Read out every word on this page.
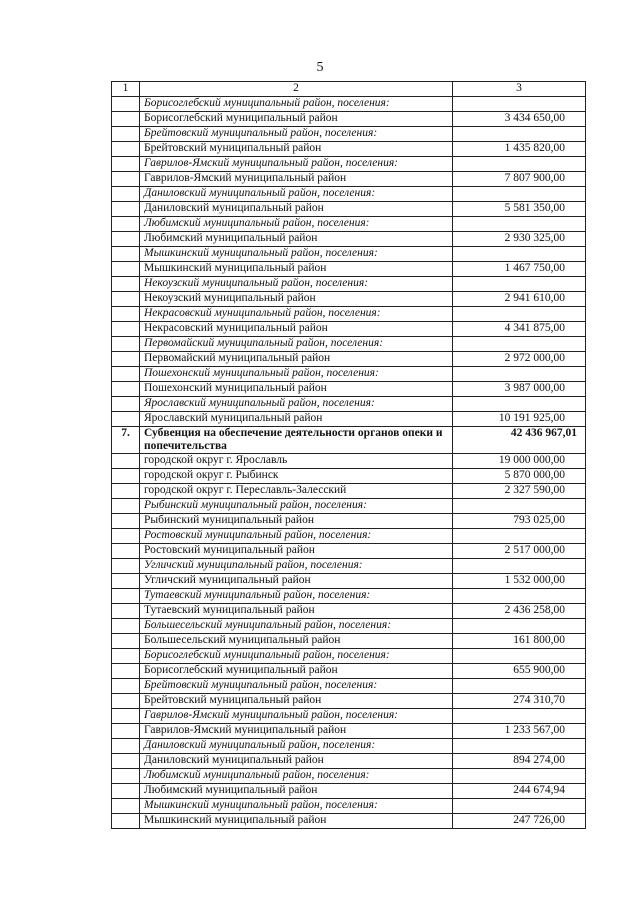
5
1	2	3
	Борисоглебский муниципальный район, поселения:	
	Борисоглебский муниципальный район	3 434 650,00
	Брейтовский муниципальный район, поселения:	
	Брейтовский муниципальный район	1 435 820,00
	Гаврилов-Ямский муниципальный район, поселения:	
	Гаврилов-Ямский муниципальный район	7 807 900,00
	Даниловский муниципальный район, поселения:	
	Даниловский муниципальный район	5 581 350,00
	Любимский муниципальный район, поселения:	
	Любимский муниципальный район	2 930 325,00
	Мышкинский муниципальный район, поселения:	
	Мышкинский муниципальный район	1 467 750,00
	Некоузский муниципальный район, поселения:	
	Некоузский муниципальный район	2 941 610,00
	Некрасовский муниципальный район, поселения:	
	Некрасовский муниципальный район	4 341 875,00
	Первомайский муниципальный район, поселения:	
	Первомайский муниципальный район	2 972 000,00
	Пошехонский муниципальный район, поселения:	
	Пошехонский муниципальный район	3 987 000,00
	Ярославский муниципальный район, поселения:	
	Ярославский муниципальный район	10 191 925,00
7.	Субвенция на обеспечение деятельности органов опеки и попечительства	42 436 967,01
	городской округ г. Ярославль	19 000 000,00
	городской округ г. Рыбинск	5 870 000,00
	городской округ г. Переславль-Залесский	2 327 590,00
	Рыбинский муниципальный район, поселения:	
	Рыбинский муниципальный район	793 025,00
	Ростовский муниципальный район, поселения:	
	Ростовский муниципальный район	2 517 000,00
	Угличский муниципальный район, поселения:	
	Угличский муниципальный район	1 532 000,00
	Тутаевский муниципальный район, поселения:	
	Тутаевский муниципальный район	2 436 258,00
	Большесельский муниципальный район, поселения:	
	Большесельский муниципальный район	161 800,00
	Борисоглебский муниципальный район, поселения:	
	Борисоглебский муниципальный район	655 900,00
	Брейтовский муниципальный район, поселения:	
	Брейтовский муниципальный район	274 310,70
	Гаврилов-Ямский муниципальный район, поселения:	
	Гаврилов-Ямский муниципальный район	1 233 567,00
	Даниловский муниципальный район, поселения:	
	Даниловский муниципальный район	894 274,00
	Любимский муниципальный район, поселения:	
	Любимский муниципальный район	244 674,94
	Мышкинский муниципальный район, поселения:	
	Мышкинский муниципальный район	247 726,00
